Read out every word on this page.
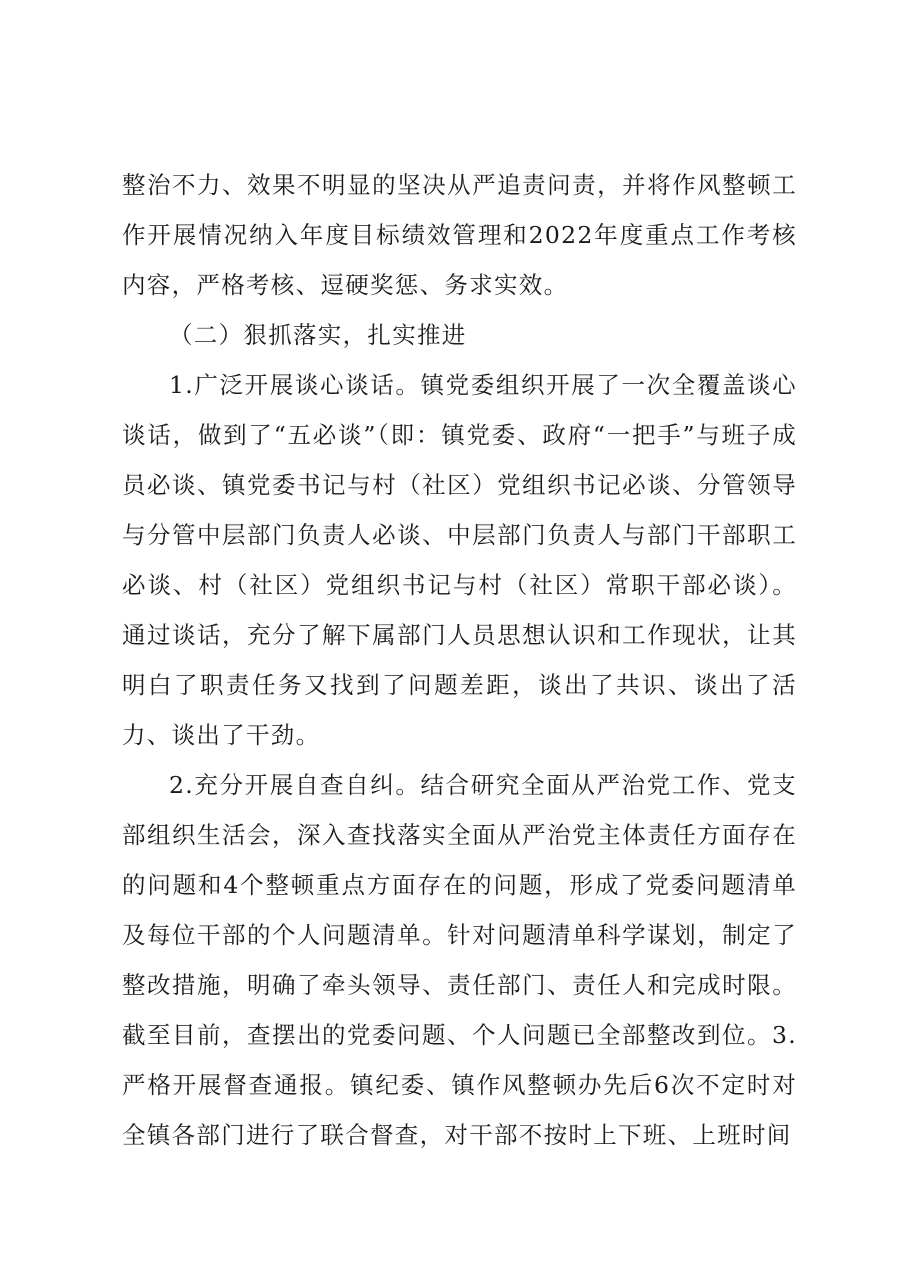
整治不力、效果不明显的坚决从严追责问责，并将作风整顿工作开展情况纳入年度目标绩效管理和2022年度重点工作考核内容，严格考核、逗硬奖惩、务求实效。

（二）狠抓落实，扎实推进

1.广泛开展谈心谈话。镇党委组织开展了一次全覆盖谈心谈话，做到了“五必谈”（即：镇党委、政府“一把手”与班子成员必谈、镇党委书记与村（社区）党组织书记必谈、分管领导与分管中层部门负责人必谈、中层部门负责人与部门干部职工必谈、村（社区）党组织书记与村（社区）常职干部必谈）。通过谈话，充分了解下属部门人员思想认识和工作现状，让其明白了职责任务又找到了问题差距，谈出了共识、谈出了活力、谈出了干劲。

2.充分开展自查自纠。结合研究全面从严治党工作、党支部组织生活会，深入查找落实全面从严治党主体责任方面存在的问题和4个整顿重点方面存在的问题，形成了党委问题清单及每位干部的个人问题清单。针对问题清单科学谋划，制定了整改措施，明确了牵头领导、责任部门、责任人和完成时限。截至目前，查摆出的党委问题、个人问题已全部整改到位。3.严格开展督查通报。镇纪委、镇作风整顿办先后6次不定时对全镇各部门进行了联合督查，对干部不按时上下班、上班时间
